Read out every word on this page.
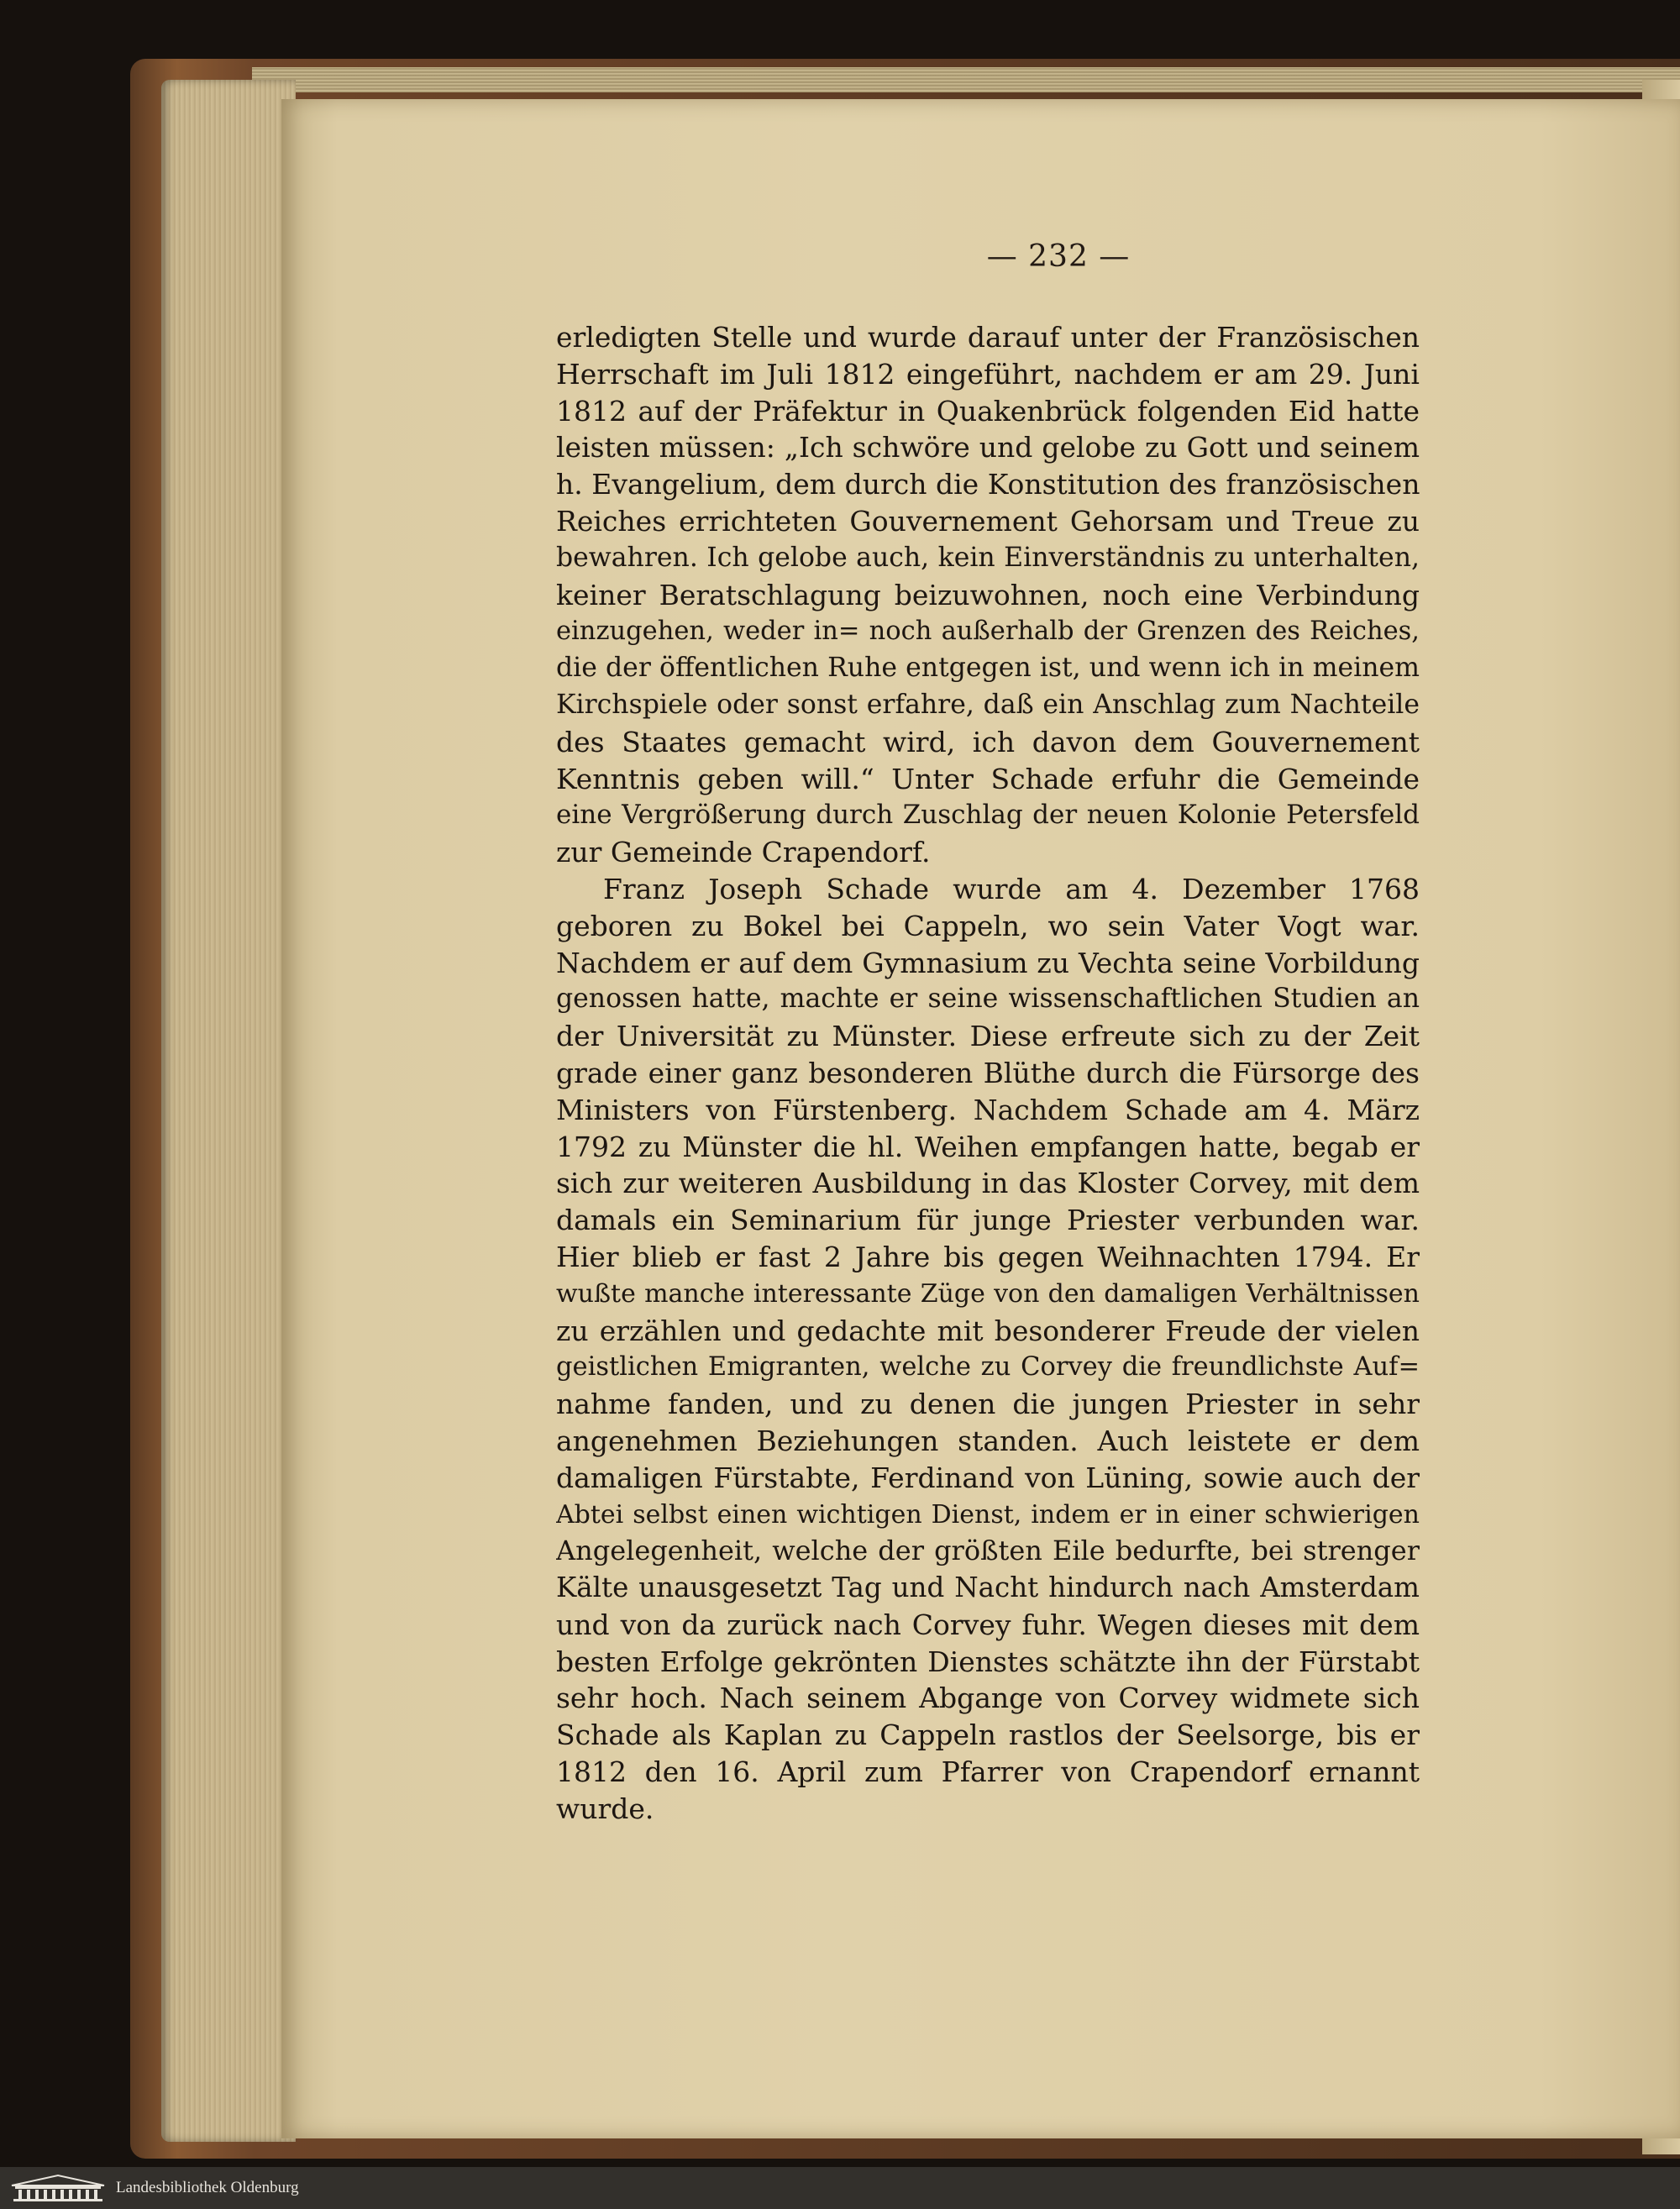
— 232 —
erledigten Stelle und wurde darauf unter der Französischen
Herrschaft im Juli 1812 eingeführt, nachdem er am 29. Juni
1812 auf der Präfektur in Quakenbrück folgenden Eid hatte
leisten müssen: „Ich schwöre und gelobe zu Gott und seinem
h. Evangelium, dem durch die Konstitution des französischen
Reiches errichteten Gouvernement Gehorsam und Treue zu
bewahren. Ich gelobe auch, kein Einverständnis zu unterhalten,
keiner Beratschlagung beizuwohnen, noch eine Verbindung
einzugehen, weder in= noch außerhalb der Grenzen des Reiches,
die der öffentlichen Ruhe entgegen ist, und wenn ich in meinem
Kirchspiele oder sonst erfahre, daß ein Anschlag zum Nachteile
des Staates gemacht wird, ich davon dem Gouvernement
Kenntnis geben will.“ Unter Schade erfuhr die Gemeinde
eine Vergrößerung durch Zuschlag der neuen Kolonie Petersfeld
zur Gemeinde Crapendorf.
Franz Joseph Schade wurde am 4. Dezember 1768
geboren zu Bokel bei Cappeln, wo sein Vater Vogt war.
Nachdem er auf dem Gymnasium zu Vechta seine Vorbildung
genossen hatte, machte er seine wissenschaftlichen Studien an
der Universität zu Münster. Diese erfreute sich zu der Zeit
grade einer ganz besonderen Blüthe durch die Fürsorge des
Ministers von Fürstenberg. Nachdem Schade am 4. März
1792 zu Münster die hl. Weihen empfangen hatte, begab er
sich zur weiteren Ausbildung in das Kloster Corvey, mit dem
damals ein Seminarium für junge Priester verbunden war.
Hier blieb er fast 2 Jahre bis gegen Weihnachten 1794. Er
wußte manche interessante Züge von den damaligen Verhältnissen
zu erzählen und gedachte mit besonderer Freude der vielen
geistlichen Emigranten, welche zu Corvey die freundlichste Auf=
nahme fanden, und zu denen die jungen Priester in sehr
angenehmen Beziehungen standen. Auch leistete er dem
damaligen Fürstabte, Ferdinand von Lüning, sowie auch der
Abtei selbst einen wichtigen Dienst, indem er in einer schwierigen
Angelegenheit, welche der größten Eile bedurfte, bei strenger
Kälte unausgesetzt Tag und Nacht hindurch nach Amsterdam
und von da zurück nach Corvey fuhr. Wegen dieses mit dem
besten Erfolge gekrönten Dienstes schätzte ihn der Fürstabt
sehr hoch. Nach seinem Abgange von Corvey widmete sich
Schade als Kaplan zu Cappeln rastlos der Seelsorge, bis er
1812 den 16. April zum Pfarrer von Crapendorf ernannt
wurde.
Landesbibliothek Oldenburg
